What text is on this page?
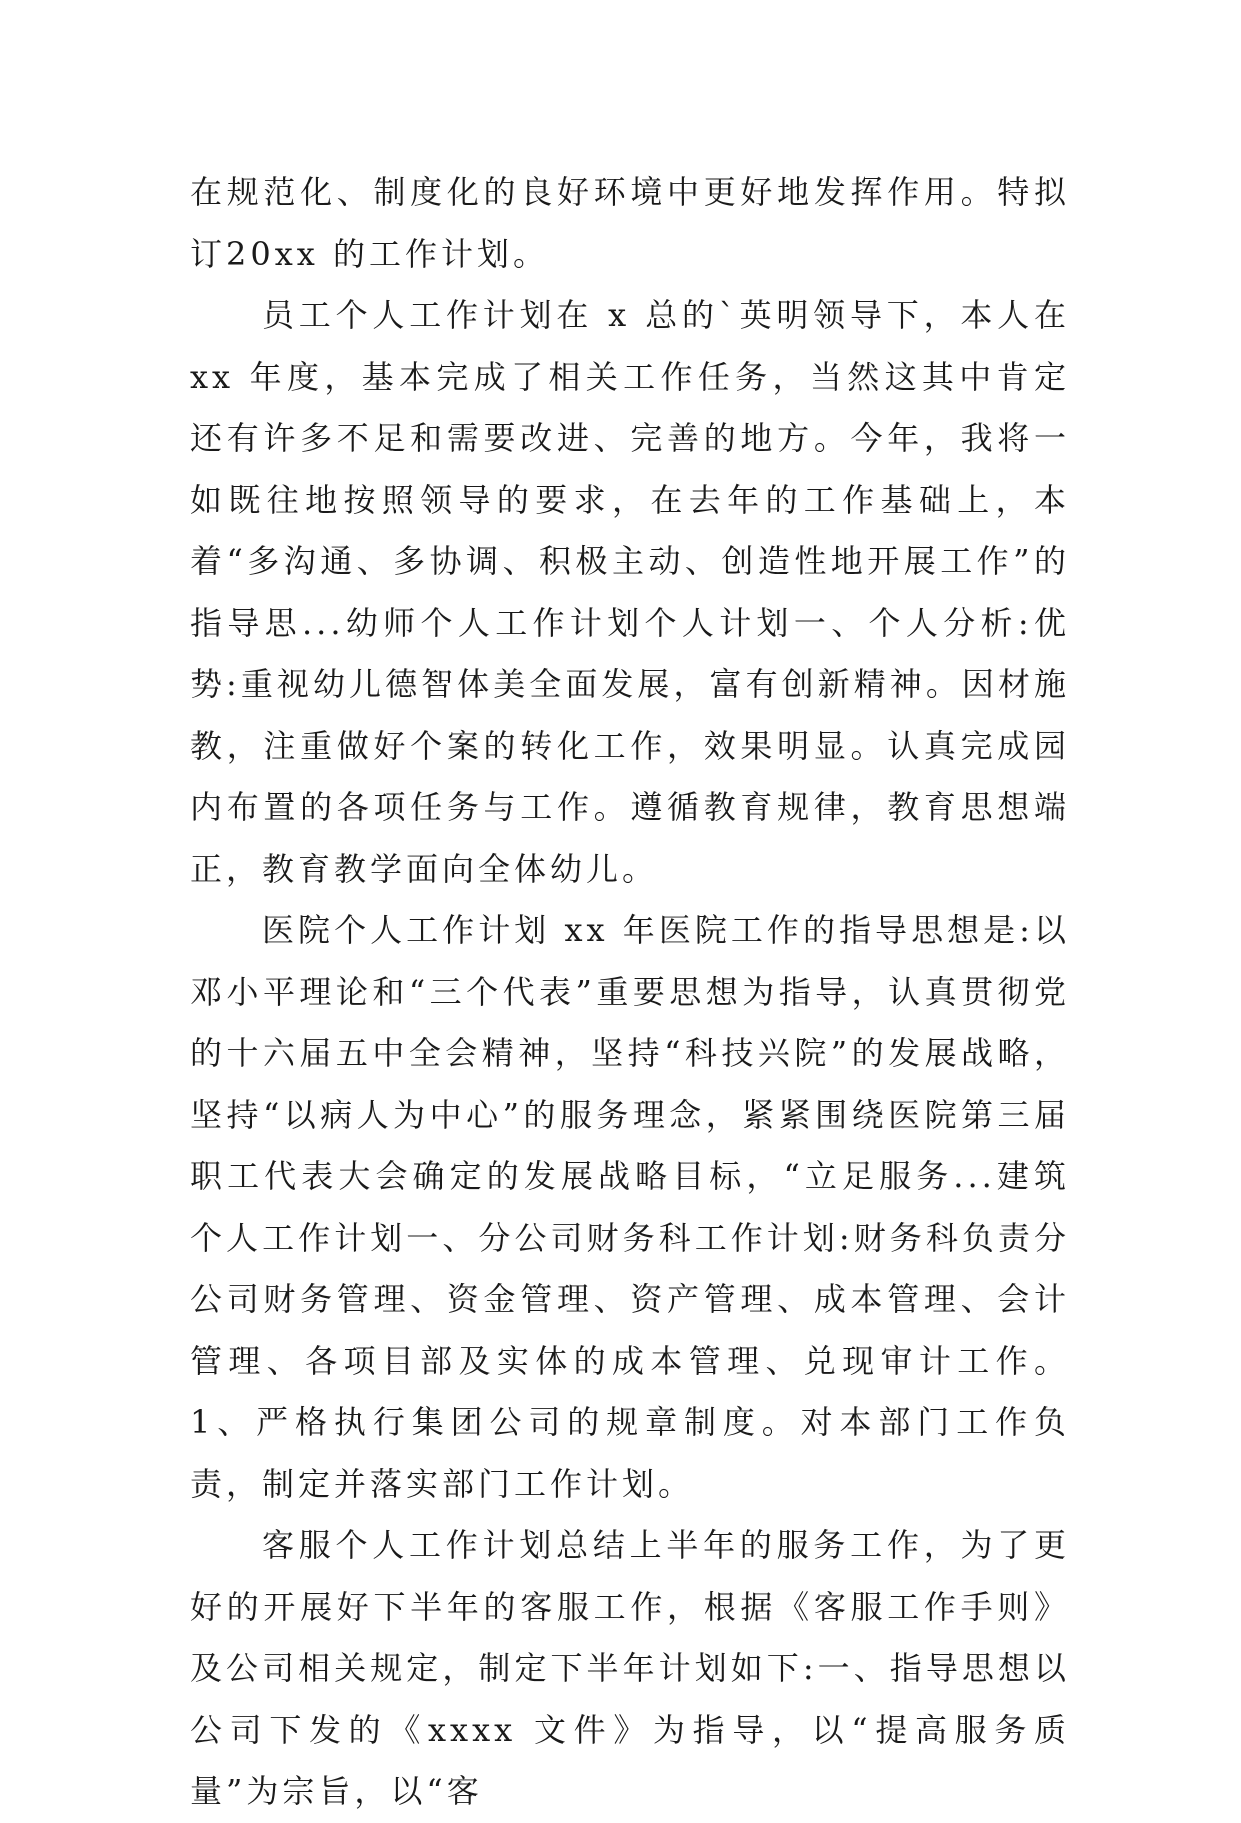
在规范化、制度化的良好环境中更好地发挥作用。特拟订20xx 的工作计划。

员工个人工作计划在 x 总的`英明领导下，本人在 xx 年度，基本完成了相关工作任务，当然这其中肯定还有许多不足和需要改进、完善的地方。今年，我将一如既往地按照领导的要求，在去年的工作基础上，本着“多沟通、多协调、积极主动、创造性地开展工作”的指导思...幼师个人工作计划个人计划一、个人分析:优势:重视幼儿德智体美全面发展，富有创新精神。因材施教，注重做好个案的转化工作，效果明显。认真完成园内布置的各项任务与工作。遵循教育规律，教育思想端正，教育教学面向全体幼儿。

医院个人工作计划 xx 年医院工作的指导思想是:以邓小平理论和“三个代表”重要思想为指导，认真贯彻党的十六届五中全会精神，坚持“科技兴院”的发展战略，坚持“以病人为中心”的服务理念，紧紧围绕医院第三届职工代表大会确定的发展战略目标，“立足服务...建筑个人工作计划一、分公司财务科工作计划:财务科负责分公司财务管理、资金管理、资产管理、成本管理、会计管理、各项目部及实体的成本管理、兑现审计工作。1、严格执行集团公司的规章制度。对本部门工作负责，制定并落实部门工作计划。

客服个人工作计划总结上半年的服务工作，为了更好的开展好下半年的客服工作，根据《客服工作手则》及公司相关规定，制定下半年计划如下:一、指导思想以公司下发的《xxxx 文件》为指导，以“提高服务质量”为宗旨，以“客
